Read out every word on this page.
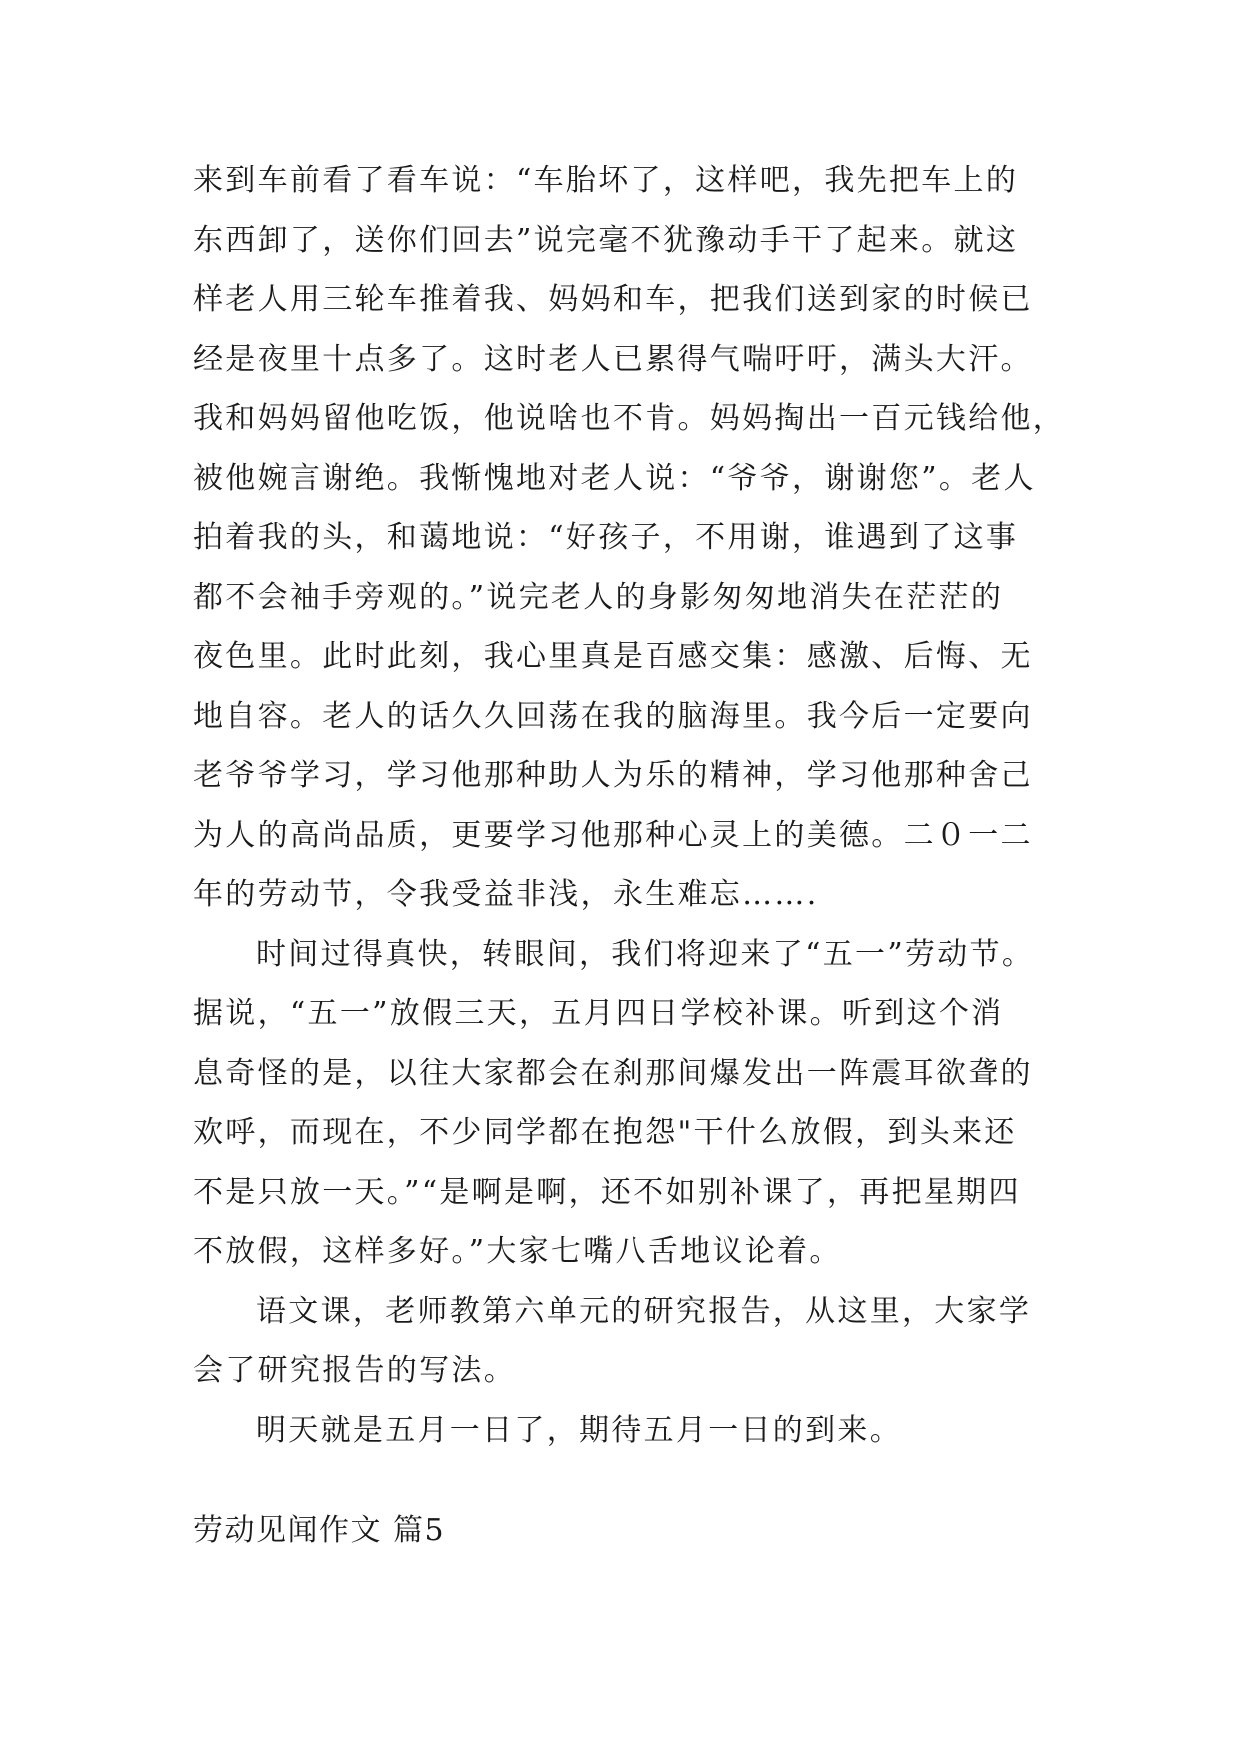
来到车前看了看车说：“车胎坏了，这样吧，我先把车上的
东西卸了，送你们回去”说完毫不犹豫动手干了起来。就这
样老人用三轮车推着我、妈妈和车，把我们送到家的时候已
经是夜里十点多了。这时老人已累得气喘吁吁，满头大汗。
我和妈妈留他吃饭，他说啥也不肯。妈妈掏出一百元钱给他，
被他婉言谢绝。我惭愧地对老人说：“爷爷，谢谢您”。老人
拍着我的头，和蔼地说：“好孩子，不用谢，谁遇到了这事
都不会袖手旁观的。”说完老人的身影匆匆地消失在茫茫的
夜色里。此时此刻，我心里真是百感交集：感激、后悔、无
地自容。老人的话久久回荡在我的脑海里。我今后一定要向
老爷爷学习，学习他那种助人为乐的精神，学习他那种舍己
为人的高尚品质，更要学习他那种心灵上的美德。二０一二
年的劳动节，令我受益非浅，永生难忘…….
时间过得真快，转眼间，我们将迎来了“五一”劳动节。
据说，“五一”放假三天，五月四日学校补课。听到这个消
息奇怪的是，以往大家都会在刹那间爆发出一阵震耳欲聋的
欢呼，而现在，不少同学都在抱怨"干什么放假，到头来还
不是只放一天。”“是啊是啊，还不如别补课了，再把星期四
不放假，这样多好。”大家七嘴八舌地议论着。
语文课，老师教第六单元的研究报告，从这里，大家学
会了研究报告的写法。
明天就是五月一日了，期待五月一日的到来。
劳动见闻作文 篇5
